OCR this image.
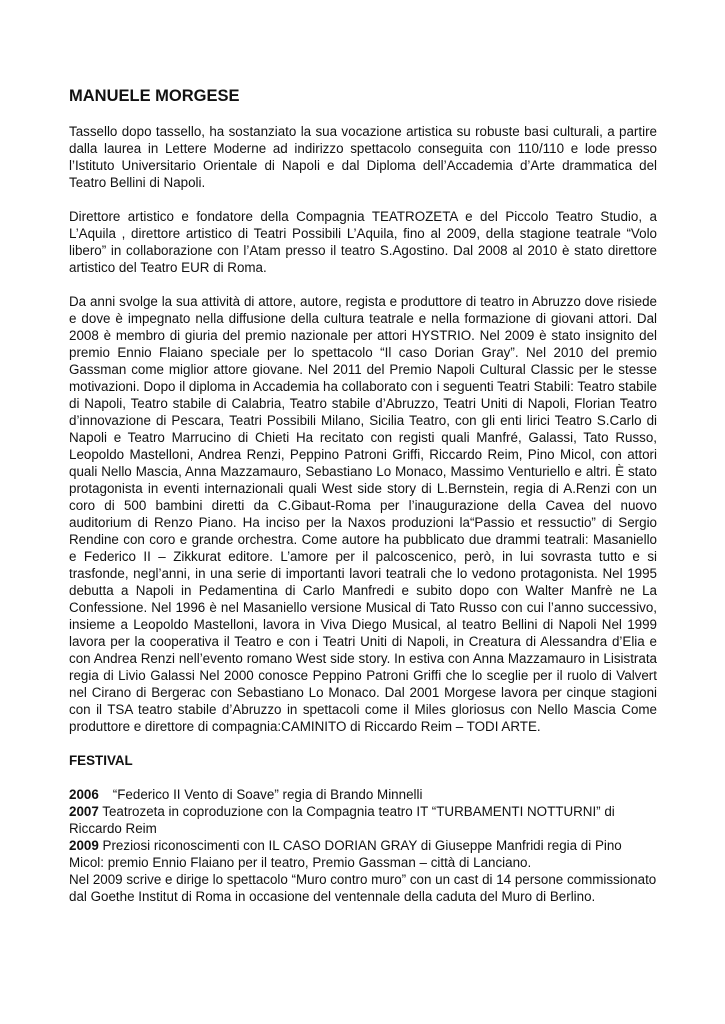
MANUELE MORGESE

Tassello dopo tassello, ha sostanziato la sua vocazione artistica su robuste basi culturali, a partire dalla laurea in Lettere Moderne ad indirizzo spettacolo conseguita con 110/110 e lode presso l’Istituto Universitario Orientale di Napoli e dal Diploma dell’Accademia d’Arte drammatica del Teatro Bellini di Napoli.

Direttore artistico e fondatore della Compagnia TEATROZETA e del Piccolo Teatro Studio, a L’Aquila , direttore artistico di Teatri Possibili L’Aquila, fino al 2009, della stagione teatrale “Volo libero” in collaborazione con l’Atam presso il teatro S.Agostino. Dal 2008 al 2010 è stato direttore artistico del Teatro EUR di Roma.

Da anni svolge la sua attività di attore, autore, regista e produttore di teatro in Abruzzo dove risiede e dove è impegnato nella diffusione della cultura teatrale e nella formazione di giovani attori. Dal 2008 è membro di giuria del premio nazionale per attori HYSTRIO. Nel 2009 è stato insignito del premio Ennio Flaiano speciale per lo spettacolo “Il caso Dorian Gray”. Nel 2010 del premio Gassman come miglior attore giovane. Nel 2011 del Premio Napoli Cultural Classic per le stesse motivazioni. Dopo il diploma in Accademia ha collaborato con i seguenti Teatri Stabili: Teatro stabile di Napoli, Teatro stabile di Calabria, Teatro stabile d’Abruzzo, Teatri Uniti di Napoli, Florian Teatro d’innovazione di Pescara, Teatri Possibili Milano, Sicilia Teatro, con gli enti lirici Teatro S.Carlo di Napoli e Teatro Marrucino di Chieti Ha recitato con registi quali Manfré, Galassi, Tato Russo, Leopoldo Mastelloni, Andrea Renzi, Peppino Patroni Griffi, Riccardo Reim, Pino Micol, con attori quali Nello Mascia, Anna Mazzamauro, Sebastiano Lo Monaco, Massimo Venturiello e altri. È stato protagonista in eventi internazionali quali West side story di L.Bernstein, regia di A.Renzi con un coro di 500 bambini diretti da C.Gibaut-Roma per l’inaugurazione della Cavea del nuovo auditorium di Renzo Piano. Ha inciso per la Naxos produzioni la“Passio et ressuctio” di Sergio Rendine con coro e grande orchestra. Come autore ha pubblicato due drammi teatrali: Masaniello e Federico II – Zikkurat editore. L’amore per il palcoscenico, però, in lui sovrasta tutto e si trasfonde, negl’anni, in una serie di importanti lavori teatrali che lo vedono protagonista. Nel 1995 debutta a Napoli in Pedamentina di Carlo Manfredi e subito dopo con Walter Manfrè ne La Confessione. Nel 1996 è nel Masaniello versione Musical di Tato Russo con cui l’anno successivo, insieme a Leopoldo Mastelloni, lavora in Viva Diego Musical, al teatro Bellini di Napoli Nel 1999 lavora per la cooperativa il Teatro e con i Teatri Uniti di Napoli, in Creatura di Alessandra d’Elia e con Andrea Renzi nell’evento romano West side story. In estiva con Anna Mazzamauro in Lisistrata regia di Livio Galassi Nel 2000 conosce Peppino Patroni Griffi che lo sceglie per il ruolo di Valvert nel Cirano di Bergerac con Sebastiano Lo Monaco. Dal 2001 Morgese lavora per cinque stagioni con il TSA teatro stabile d’Abruzzo in spettacoli come il Miles gloriosus con Nello Mascia Come produttore e direttore di compagnia:CAMINITO di Riccardo Reim – TODI ARTE.

FESTIVAL

2006 “Federico II Vento di Soave” regia di Brando Minnelli

2007 Teatrozeta in coproduzione con la Compagnia teatro IT “TURBAMENTI NOTTURNI” di Riccardo Reim

2009 Preziosi riconoscimenti con IL CASO DORIAN GRAY di Giuseppe Manfridi regia di Pino Micol: premio Ennio Flaiano per il teatro, Premio Gassman – città di Lanciano.

Nel 2009 scrive e dirige lo spettacolo “Muro contro muro” con un cast di 14 persone commissionato dal Goethe Institut di Roma in occasione del ventennale della caduta del Muro di Berlino.
